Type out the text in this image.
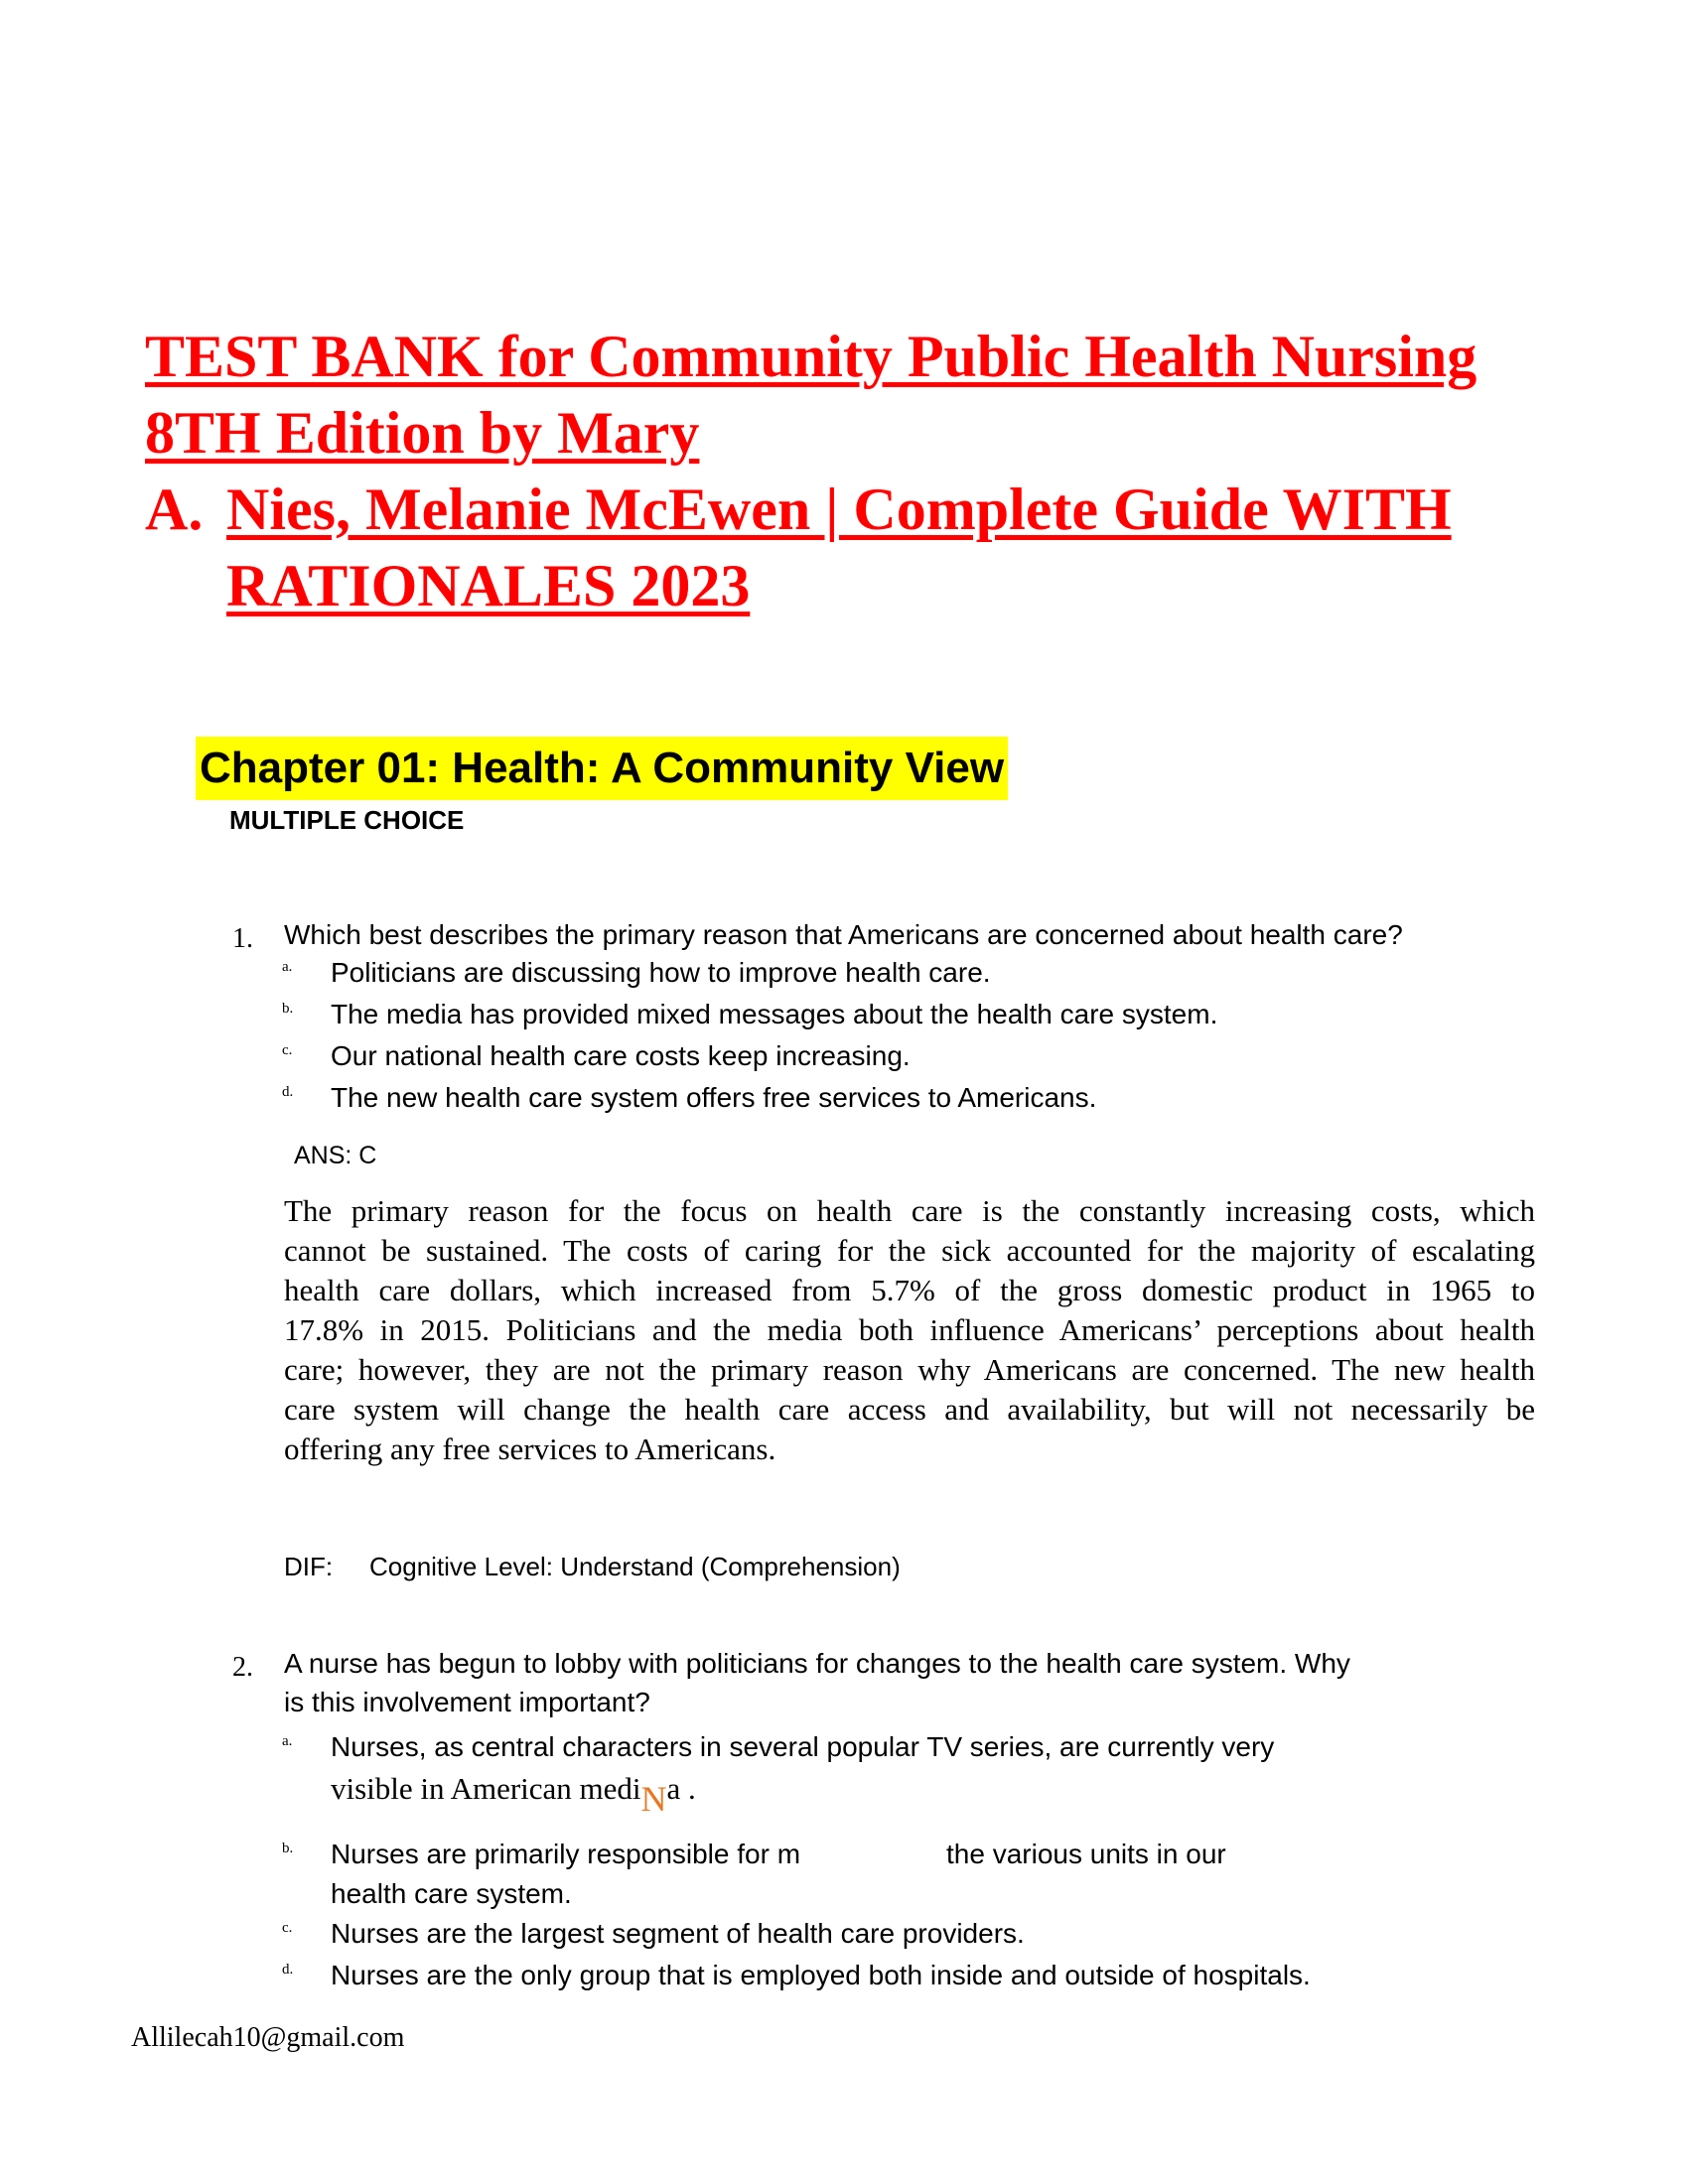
TEST BANK for Community Public Health Nursing
8TH Edition by Mary
A. Nies, Melanie McEwen | Complete Guide WITH
RATIONALES 2023
Chapter 01: Health: A Community View
MULTIPLE CHOICE
1. Which best describes the primary reason that Americans are concerned about health care?
a. Politicians are discussing how to improve health care.
b. The media has provided mixed messages about the health care system.
c. Our national health care costs keep increasing.
d. The new health care system offers free services to Americans.
ANS: C
The primary reason for the focus on health care is the constantly increasing costs, which
cannot be sustained. The costs of caring for the sick accounted for the majority of escalating
health care dollars, which increased from 5.7% of the gross domestic product in 1965 to
17.8% in 2015. Politicians and the media both influence Americans’ perceptions about health
care; however, they are not the primary reason why Americans are concerned. The new health
care system will change the health care access and availability, but will not necessarily be
offering any free services to Americans.
DIF: Cognitive Level: Understand (Comprehension)
2. A nurse has begun to lobby with politicians for changes to the health care system. Why
is this involvement important?
a. Nurses, as central characters in several popular TV series, are currently very
visible in American mediNa .
b. Nurses are primarily responsible for m	the various units in our
health care system.
c. Nurses are the largest segment of health care providers.
d. Nurses are the only group that is employed both inside and outside of hospitals.
Allilecah10@gmail.com
